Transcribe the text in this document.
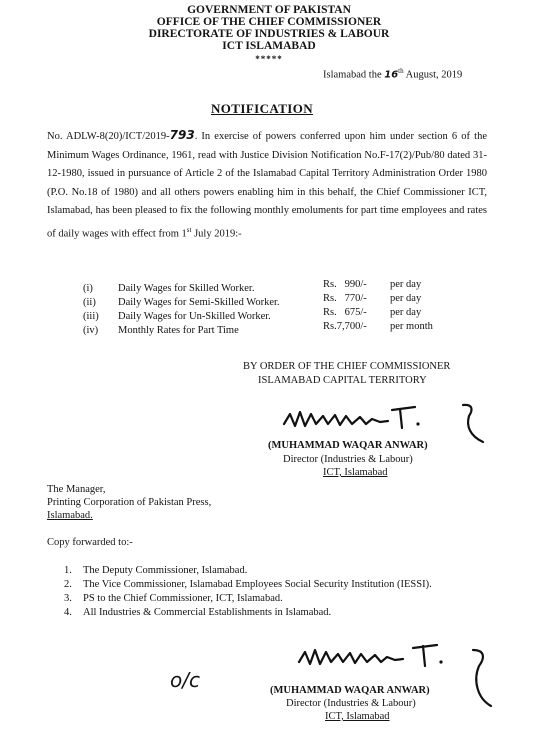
GOVERNMENT OF PAKISTAN
OFFICE OF THE CHIEF COMMISSIONER
DIRECTORATE OF INDUSTRIES & LABOUR
ICT ISLAMABAD
*****
Islamabad the 16th August, 2019
NOTIFICATION
No. ADLW-8(20)/ICT/2019-793. In exercise of powers conferred upon him under section 6 of the Minimum Wages Ordinance, 1961, read with Justice Division Notification No.F-17(2)/Pub/80 dated 31-12-1980, issued in pursuance of Article 2 of the Islamabad Capital Territory Administration Order 1980 (P.O. No.18 of 1980) and all others powers enabling him in this behalf, the Chief Commissioner ICT, Islamabad, has been pleased to fix the following monthly emoluments for part time employees and rates of daily wages with effect from 1st July 2019:-
(i) Daily Wages for Skilled Worker.	Rs.   990/- per day
(ii) Daily Wages for Semi-Skilled Worker.	Rs.   770/- per day
(iii) Daily Wages for Un-Skilled Worker.	Rs.   675/- per day
(iv) Monthly Rates for Part Time	Rs.7,700/- per month
BY ORDER OF THE CHIEF COMMISSIONER
ISLAMABAD CAPITAL TERRITORY
(MUHAMMAD WAQAR ANWAR)
Director (Industries & Labour)
ICT, Islamabad
The Manager,
Printing Corporation of Pakistan Press,
Islamabad.
Copy forwarded to:-
1. The Deputy Commissioner, Islamabad.
2. The Vice Commissioner, Islamabad Employees Social Security Institution (IESSI).
3. PS to the Chief Commissioner, ICT, Islamabad.
4. All Industries & Commercial Establishments in Islamabad.
o/c	(MUHAMMAD WAQAR ANWAR)
Director (Industries & Labour)
ICT, Islamabad
